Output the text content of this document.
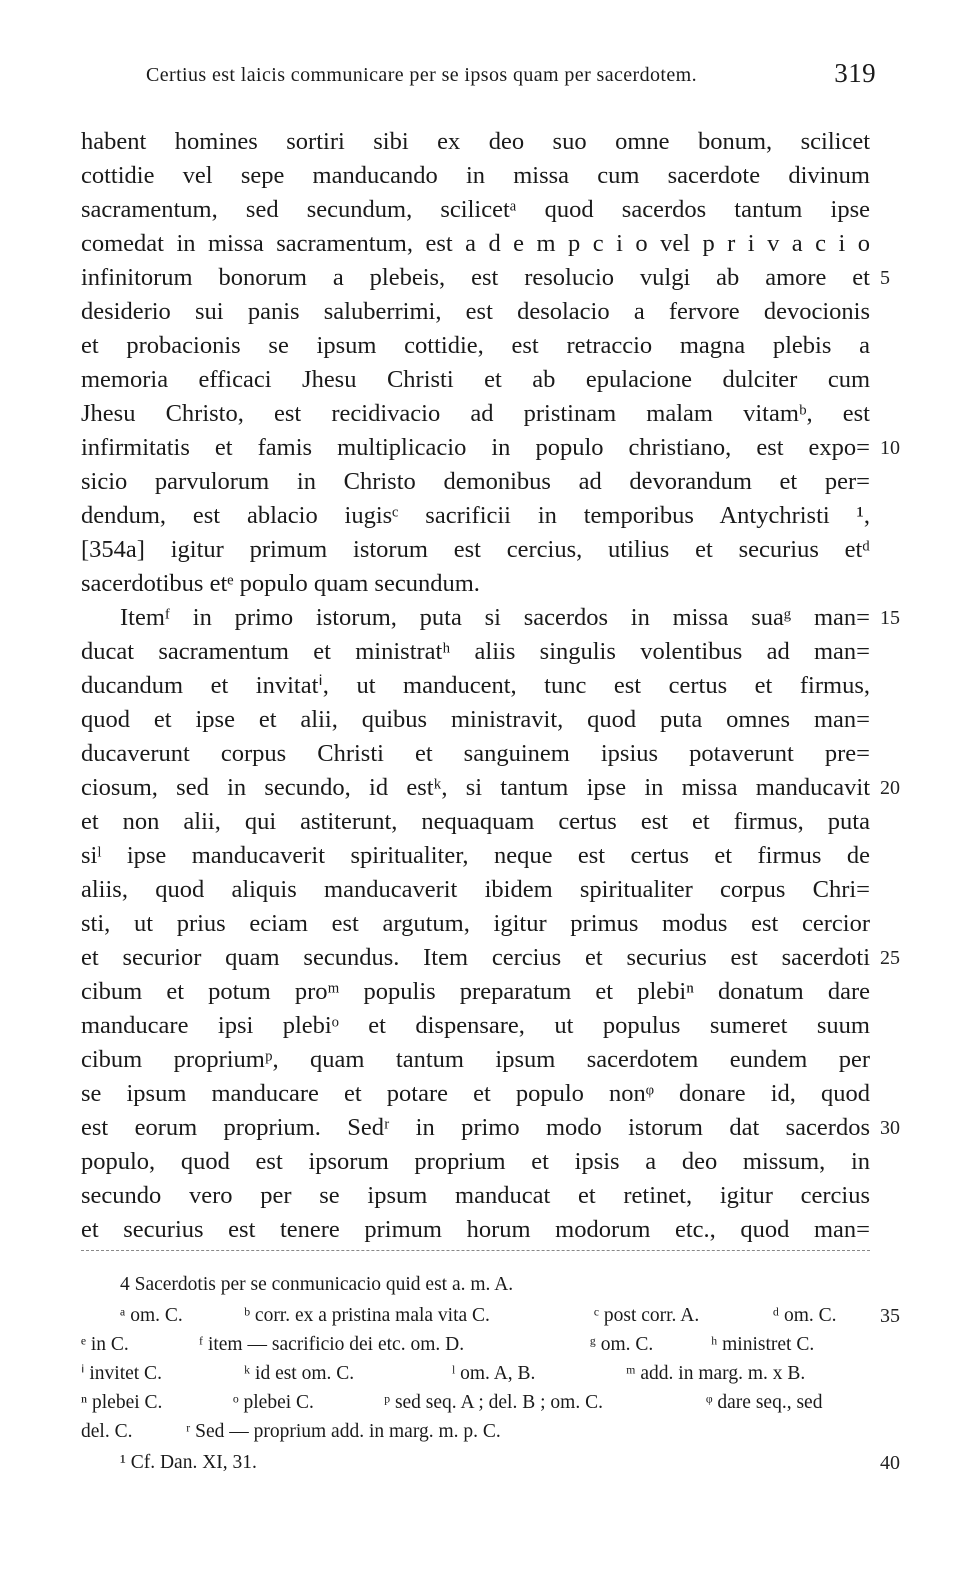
Certius est laicis communicare per se ipsos quam per sacerdotem.	319
habent homines sortiri sibi ex deo suo omne bonum, scilicet
cottidie vel sepe manducando in missa cum sacerdote divinum
sacramentum, sed secundum, scilicetᵃ quod sacerdos tantum ipse
comedat in missa sacramentum, est a d e m p c i o vel p r i v a c i o
infinitorum bonorum a plebeis, est resolucio vulgi ab amore et
desiderio sui panis saluberrimi, est desolacio a fervore devocionis
et probacionis se ipsum cottidie, est retraccio magna plebis a
memoria efficaci Jhesu Christi et ab epulacione dulciter cum
Jhesu Christo, est recidivacio ad pristinam malam vitamᵇ, est
infirmitatis et famis multiplicacio in populo christiano, est expo=
sicio parvulorum in Christo demonibus ad devorandum et per=
dendum, est ablacio iugisᶜ sacrificii in temporibus Antychristi ¹,
[354a] igitur primum istorum est cercius, utilius et securius etᵈ
sacerdotibus etᵉ populo quam secundum.
Itemᶠ in primo istorum, puta si sacerdos in missa suaᵍ man=
ducat sacramentum et ministratʰ aliis singulis volentibus ad man=
ducandum et invitatⁱ, ut manducent, tunc est certus et firmus,
quod et ipse et alii, quibus ministravit, quod puta omnes man=
ducaverunt corpus Christi et sanguinem ipsius potaverunt pre=
ciosum, sed in secundo, id estᵏ, si tantum ipse in missa manducavit
et non alii, qui astiterunt, nequaquam certus est et firmus, puta
siˡ ipse manducaverit spiritualiter, neque est certus et firmus de
aliis, quod aliquis manducaverit ibidem spiritualiter corpus Chri=
sti, ut prius eciam est argutum, igitur primus modus est cercior
et securior quam secundus. Item cercius et securius est sacerdoti
cibum et potum proᵐ populis preparatum et plebiⁿ donatum dare
manducare ipsi plebiᵒ et dispensare, ut populus sumeret suum
cibum propriumᵖ, quam tantum ipsum sacerdotem eundem per
se ipsum manducare et potare et populo nonᵠ donare id, quod
est eorum proprium. Sedʳ in primo modo istorum dat sacerdos
populo, quod est ipsorum proprium et ipsis a deo missum, in
secundo vero per se ipsum manducat et retinet, igitur cercius
et securius est tenere primum horum modorum etc., quod man=
5
10
15
20
25
30
4 Sacerdotis per se conmunicacio quid est a. m. A.
ᵃ om. C.	ᵇ corr. ex a pristina mala vita C.	ᶜ post corr. A.	ᵈ om. C.
ᵉ in C.	ᶠ item — sacrificio dei etc. om. D.	ᵍ om. C.	ʰ ministret C.
ⁱ invitet C.	ᵏ id est om. C.	ˡ om. A, B.	ᵐ add. in marg. m. x B.
ⁿ plebei C.	ᵒ plebei C.	ᵖ sed seq. A ; del. B ; om. C.	ᵠ dare seq., sed
del. C.	ʳ Sed — proprium add. in marg. m. p. C.
¹ Cf. Dan. XI, 31.
35
40
